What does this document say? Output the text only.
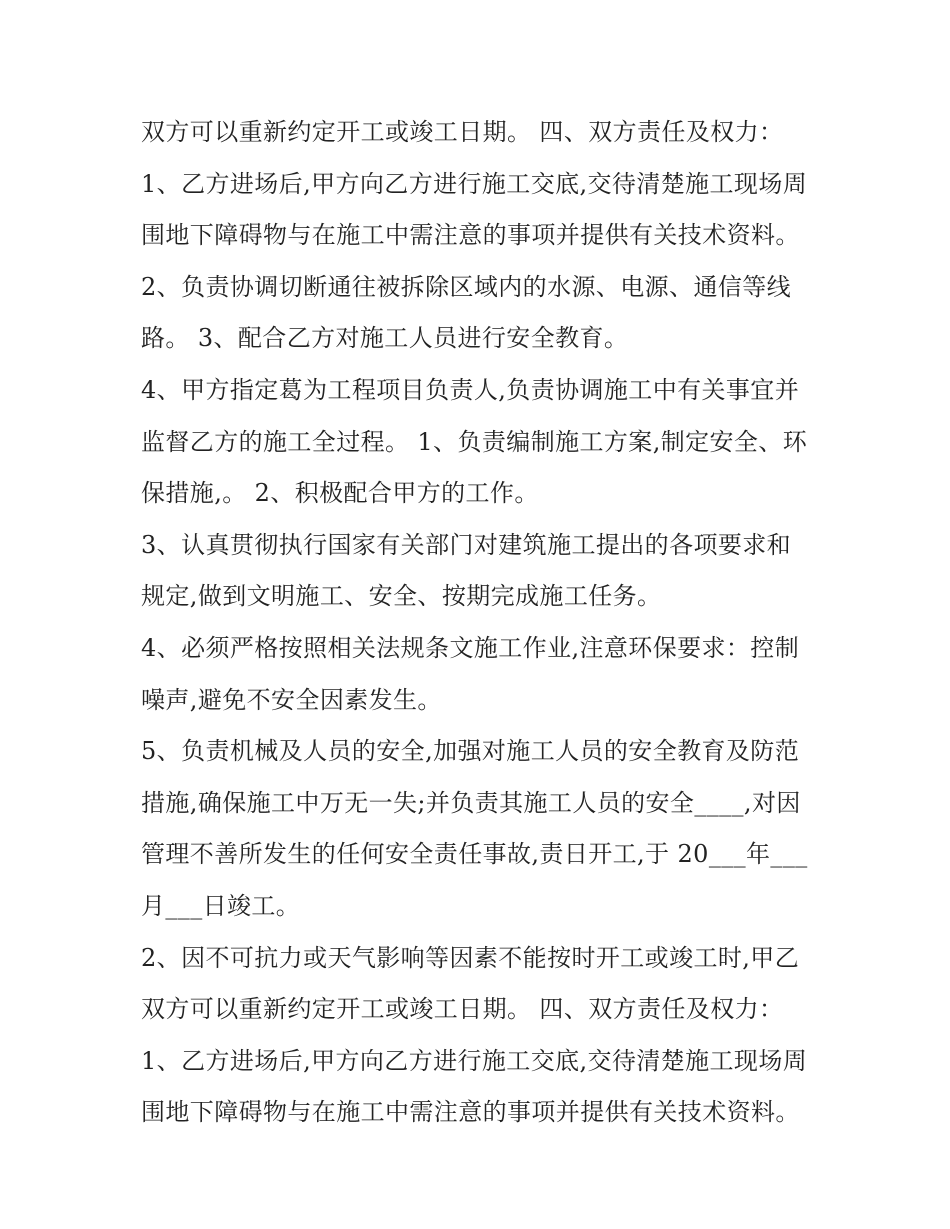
双方可以重新约定开工或竣工日期。 四、双方责任及权力：
1、乙方进场后,甲方向乙方进行施工交底,交待清楚施工现场周
围地下障碍物与在施工中需注意的事项并提供有关技术资料。
2、负责协调切断通往被拆除区域内的水源、电源、通信等线
路。 3、配合乙方对施工人员进行安全教育。
4、甲方指定葛为工程项目负责人,负责协调施工中有关事宜并
监督乙方的施工全过程。 1、负责编制施工方案,制定安全、环
保措施,。 2、积极配合甲方的工作。
3、认真贯彻执行国家有关部门对建筑施工提出的各项要求和
规定,做到文明施工、安全、按期完成施工任务。
4、必须严格按照相关法规条文施工作业,注意环保要求：控制
噪声,避免不安全因素发生。
5、负责机械及人员的安全,加强对施工人员的安全教育及防范
措施,确保施工中万无一失;并负责其施工人员的安全____,对因
管理不善所发生的任何安全责任事故,责日开工,于 20___年___
月___日竣工。
2、因不可抗力或天气影响等因素不能按时开工或竣工时,甲乙
双方可以重新约定开工或竣工日期。 四、双方责任及权力：
1、乙方进场后,甲方向乙方进行施工交底,交待清楚施工现场周
围地下障碍物与在施工中需注意的事项并提供有关技术资料。
